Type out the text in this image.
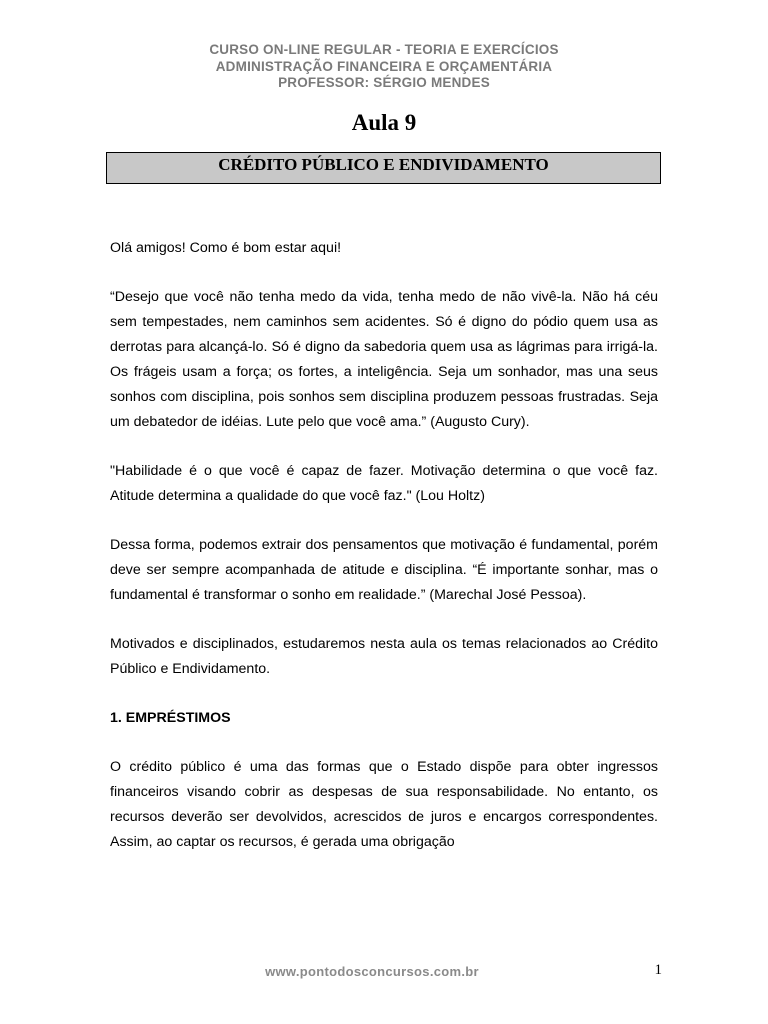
CURSO ON-LINE REGULAR - TEORIA E EXERCÍCIOS
ADMINISTRAÇÃO FINANCEIRA E ORÇAMENTÁRIA
PROFESSOR: SÉRGIO MENDES
Aula 9
CRÉDITO PÚBLICO E ENDIVIDAMENTO

Olá amigos! Como é bom estar aqui!

“Desejo que você não tenha medo da vida, tenha medo de não vivê-la. Não há céu sem tempestades, nem caminhos sem acidentes. Só é digno do pódio quem usa as derrotas para alcançá-lo. Só é digno da sabedoria quem usa as lágrimas para irrigá-la. Os frágeis usam a força; os fortes, a inteligência. Seja um sonhador, mas una seus sonhos com disciplina, pois sonhos sem disciplina produzem pessoas frustradas. Seja um debatedor de idéias. Lute pelo que você ama.” (Augusto Cury).

"Habilidade é o que você é capaz de fazer. Motivação determina o que você faz. Atitude determina a qualidade do que você faz." (Lou Holtz)

Dessa forma, podemos extrair dos pensamentos que motivação é fundamental, porém deve ser sempre acompanhada de atitude e disciplina. “É importante sonhar, mas o fundamental é transformar o sonho em realidade.” (Marechal José Pessoa).

Motivados e disciplinados, estudaremos nesta aula os temas relacionados ao Crédito Público e Endividamento.

1. EMPRÉSTIMOS

O crédito público é uma das formas que o Estado dispõe para obter ingressos financeiros visando cobrir as despesas de sua responsabilidade. No entanto, os recursos deverão ser devolvidos, acrescidos de juros e encargos correspondentes. Assim, ao captar os recursos, é gerada uma obrigação

www.pontodosconcursos.com.br	1
